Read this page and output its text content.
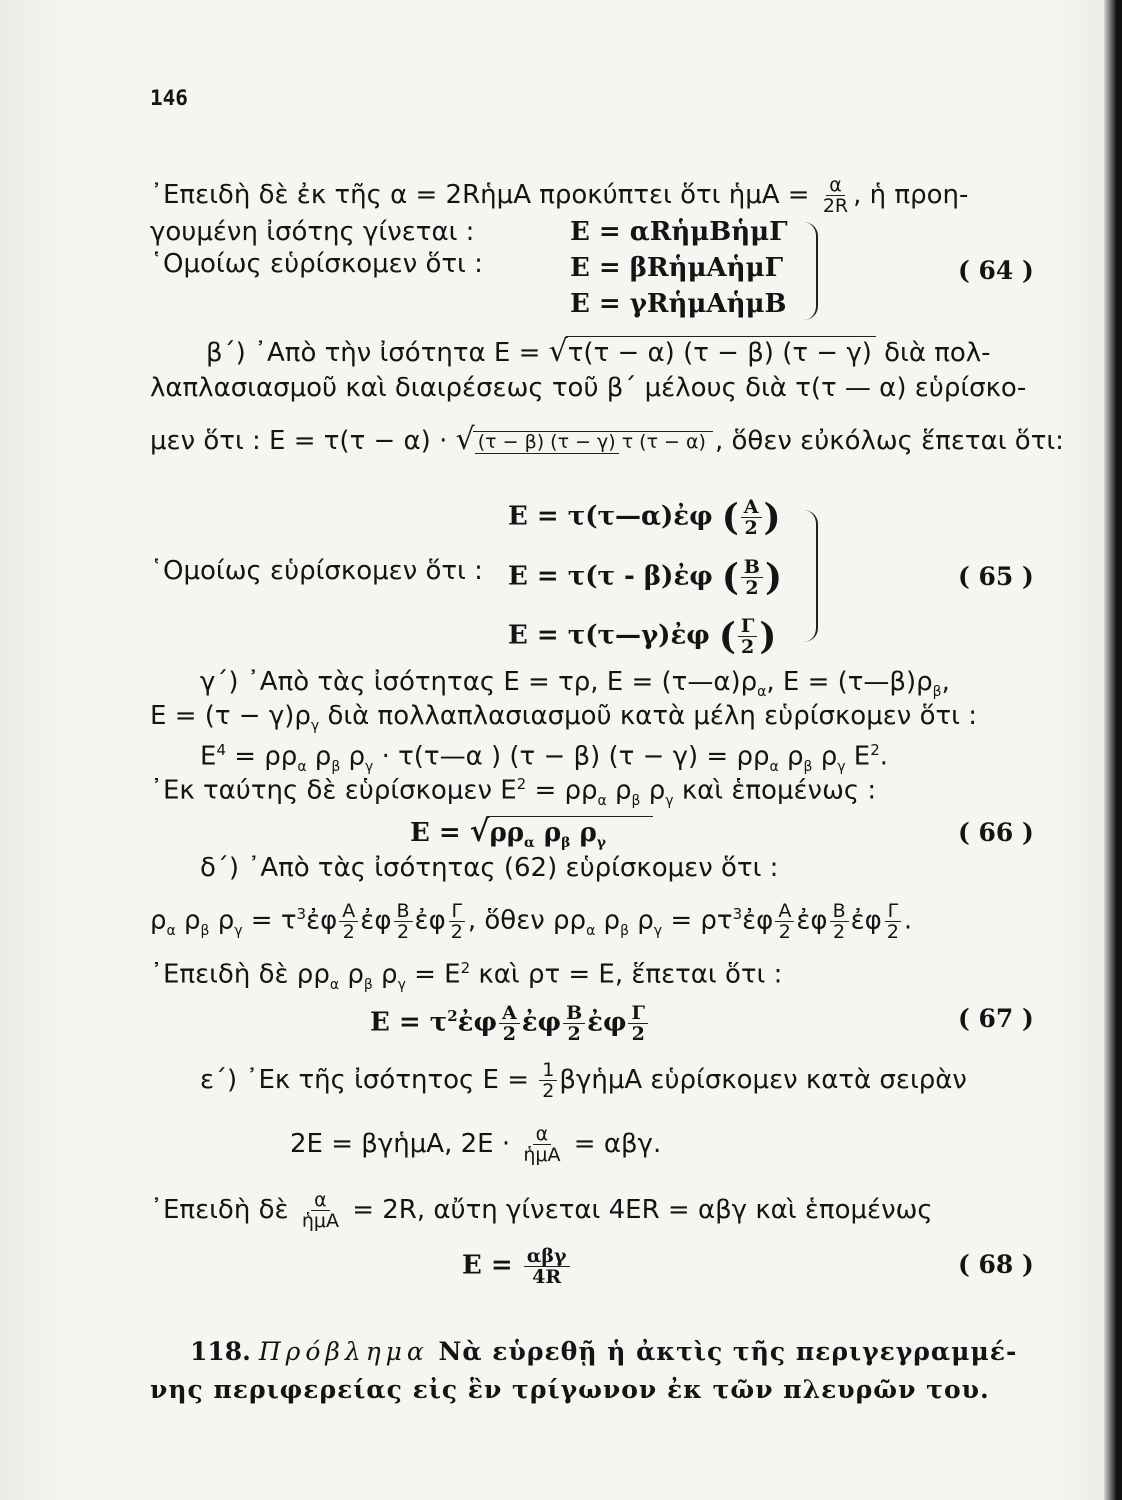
146
᾿Επειδὴ δὲ ἐκ τῆς α = 2RἡμA προκύπτει ὅτι ἡμA = $\frac{\alpha}{2R}$ , ἡ προη-
γουμένη ἰσότης γίνεται :	E = αRἡμBἡμΓ
῾Ομοίως εὑρίσκομεν ὅτι :	E = βRἡμAἡμΓ
E = γRἡμAἡμB
( 64 )
β΄) ᾿Απὸ τὴν ἰσότητα E = √τ(τ − α) (τ − β) (τ − γ) διὰ πολ-
λαπλασιασμοῦ καὶ διαιρέσεως τοῦ β΄ μέλους διὰ τ(τ — α) εὑρίσκο-
μεν ὅτι : E = τ(τ − α) · √ (τ − β) (τ − γ) τ (τ − α) , ὅθεν εὐκόλως ἕπεται ὅτι:
E = τ(τ—α)ἐφ ( $\frac{A}{2}$ )
῾Ομοίως εὑρίσκομεν ὅτι : E = τ(τ - β)ἐφ ( $\frac{B}{2}$ )
E = τ(τ—γ)ἐφ ( $\frac{\Gamma}{2}$ )
( 65 )
γ΄) ᾿Απὸ τὰς ἰσότητας E = τρ, $E = (\tau—\alpha)\rho_\alpha$, $E = (\tau—\beta)\rho_\beta$,
$E = (\tau - \gamma)\rho_\gamma$ διὰ πολλαπλασιασμοῦ κατὰ μέλη εὑρίσκομεν ὅτι :
$E^4 = \rho\rho_\alpha$ $\rho_\beta$ $\rho_\gamma$ · τ(τ—α ) (τ − β) $(\tau - \gamma) = \rho\rho_\alpha$ $\rho_\beta$ $\rho_\gamma$ $E^2$.
᾿Εκ ταύτης δὲ εὑρίσκομεν $E^2 = \rho\rho_\alpha$ $\rho_\beta$ $\rho_\gamma$ καὶ ἑπομένως :
$E = √\rho\rho_\alpha$ $\rho_\beta$ $\rho_\gamma$	( 66 )
δ΄) ᾿Απὸ τὰς ἰσότητας (62) εὑρίσκομεν ὅτι :
$\rho_\alpha$ $\rho_\beta$ $\rho_\gamma$ = $\tau^3ἐ\varphi \frac{A}{2}$ ἐφ $\frac{B}{2}$ ἐφ $\frac{\Gamma}{2}$ , ὅθεν $\rho\rho_\alpha$ $\rho_\beta$ $\rho_\gamma$ = $\rho\tau^3ἐ\varphi \frac{A}{2}$ ἐφ $\frac{B}{2}$ ἐφ $\frac{\Gamma}{2}$ .
᾿Επειδὴ δὲ $\rho\rho_\alpha$ $\rho_\beta$ $\rho_\gamma = E^2$ καὶ ρτ = E, ἕπεται ὅτι :
$E = \tau^2ἐ\varphi \frac{A}{2}$ ἐφ $\frac{B}{2}$ ἐφ $\frac{\Gamma}{2}$	( 67 )
ε΄) ᾿Εκ τῆς ἰσότητος $E = \frac{1}{2}$ βγἡμA εὑρίσκομεν κατὰ σειρὰν
2E = βγἡμA, $2E \cdot \frac{\alpha}{\text{ἡμA}} = \alpha\beta\gamma$.
᾿Επειδὴ δὲ $\frac{\alpha}{\text{ἡμA}} = 2R$, αὔτη γίνεται 4ER = αβγ καὶ ἑπομένως
$E = \frac{\text{αβγ}}{4R}$	( 68 )
118. Πρόβλημα Νὰ εὑρεθῇ ἡ ἀκτὶς τῆς περιγεγραμμέ-
νης περιφερείας εἰς ἓν τρίγωνον ἐκ τῶν πλευρῶν του.
